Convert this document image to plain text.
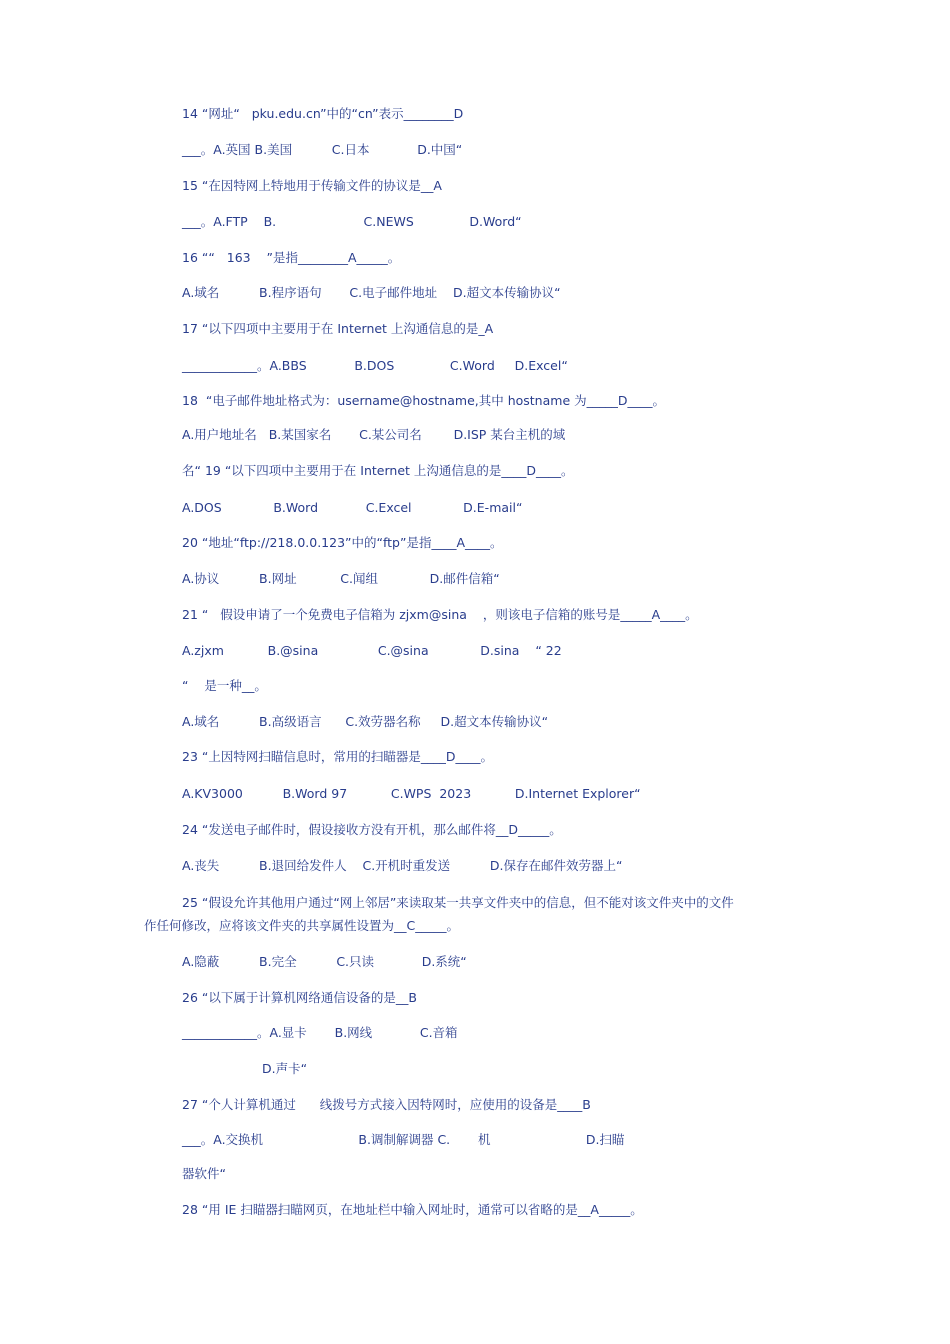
14 “网址“   pku.edu.cn”中的“cn”表示________D
___。A.英国 B.美国          C.日本            D.中国“
15 “在因特网上特地用于传输文件的协议是__A
___。A.FTP    B.                      C.NEWS              D.Word“
16 ““   163    ”是指________A_____。
A.域名          B.程序语句       C.电子邮件地址    D.超文本传输协议“
17 “以下四项中主要用于在 Internet 上沟通信息的是_A
____________。A.BBS            B.DOS              C.Word     D.Excel“
18  “电子邮件地址格式为：username@hostname,其中 hostname 为_____D____。
A.用户地址名   B.某国家名       C.某公司名        D.ISP 某台主机的域
名“ 19 “以下四项中主要用于在 Internet 上沟通信息的是____D____。
A.DOS             B.Word            C.Excel             D.E-mail“
20 “地址“ftp://218.0.0.123”中的“ftp”是指____A____。
A.协议          B.网址           C.闻组             D.邮件信箱“
21 “   假设申请了一个免费电子信箱为 zjxm@sina    ，则该电子信箱的账号是_____A____。
A.zjxm           B.@sina               C.@sina             D.sina    “ 22
“    是一种__。
A.域名          B.高级语言      C.效劳器名称     D.超文本传输协议“
23 “上因特网扫瞄信息时，常用的扫瞄器是____D____。
A.KV3000          B.Word 97           C.WPS  2023           D.Internet Explorer“
24 “发送电子邮件时，假设接收方没有开机，那么邮件将__D_____。
A.丧失          B.退回给发件人    C.开机时重发送          D.保存在邮件效劳器上“
25 “假设允许其他用户通过“网上邻居”来读取某一共享文件夹中的信息，但不能对该文件夹中的文件
作任何修改，应将该文件夹的共享属性设置为__C_____。
A.隐蔽          B.完全          C.只读            D.系统“
26 “以下属于计算机网络通信设备的是__B
____________。A.显卡       B.网线            C.音箱
D.声卡“
27 “个人计算机通过      线拨号方式接入因特网时，应使用的设备是____B
___。A.交换机                        B.调制解调器 C.       机                        D.扫瞄
器软件“
28 “用 IE 扫瞄器扫瞄网页，在地址栏中输入网址时，通常可以省略的是__A_____。
